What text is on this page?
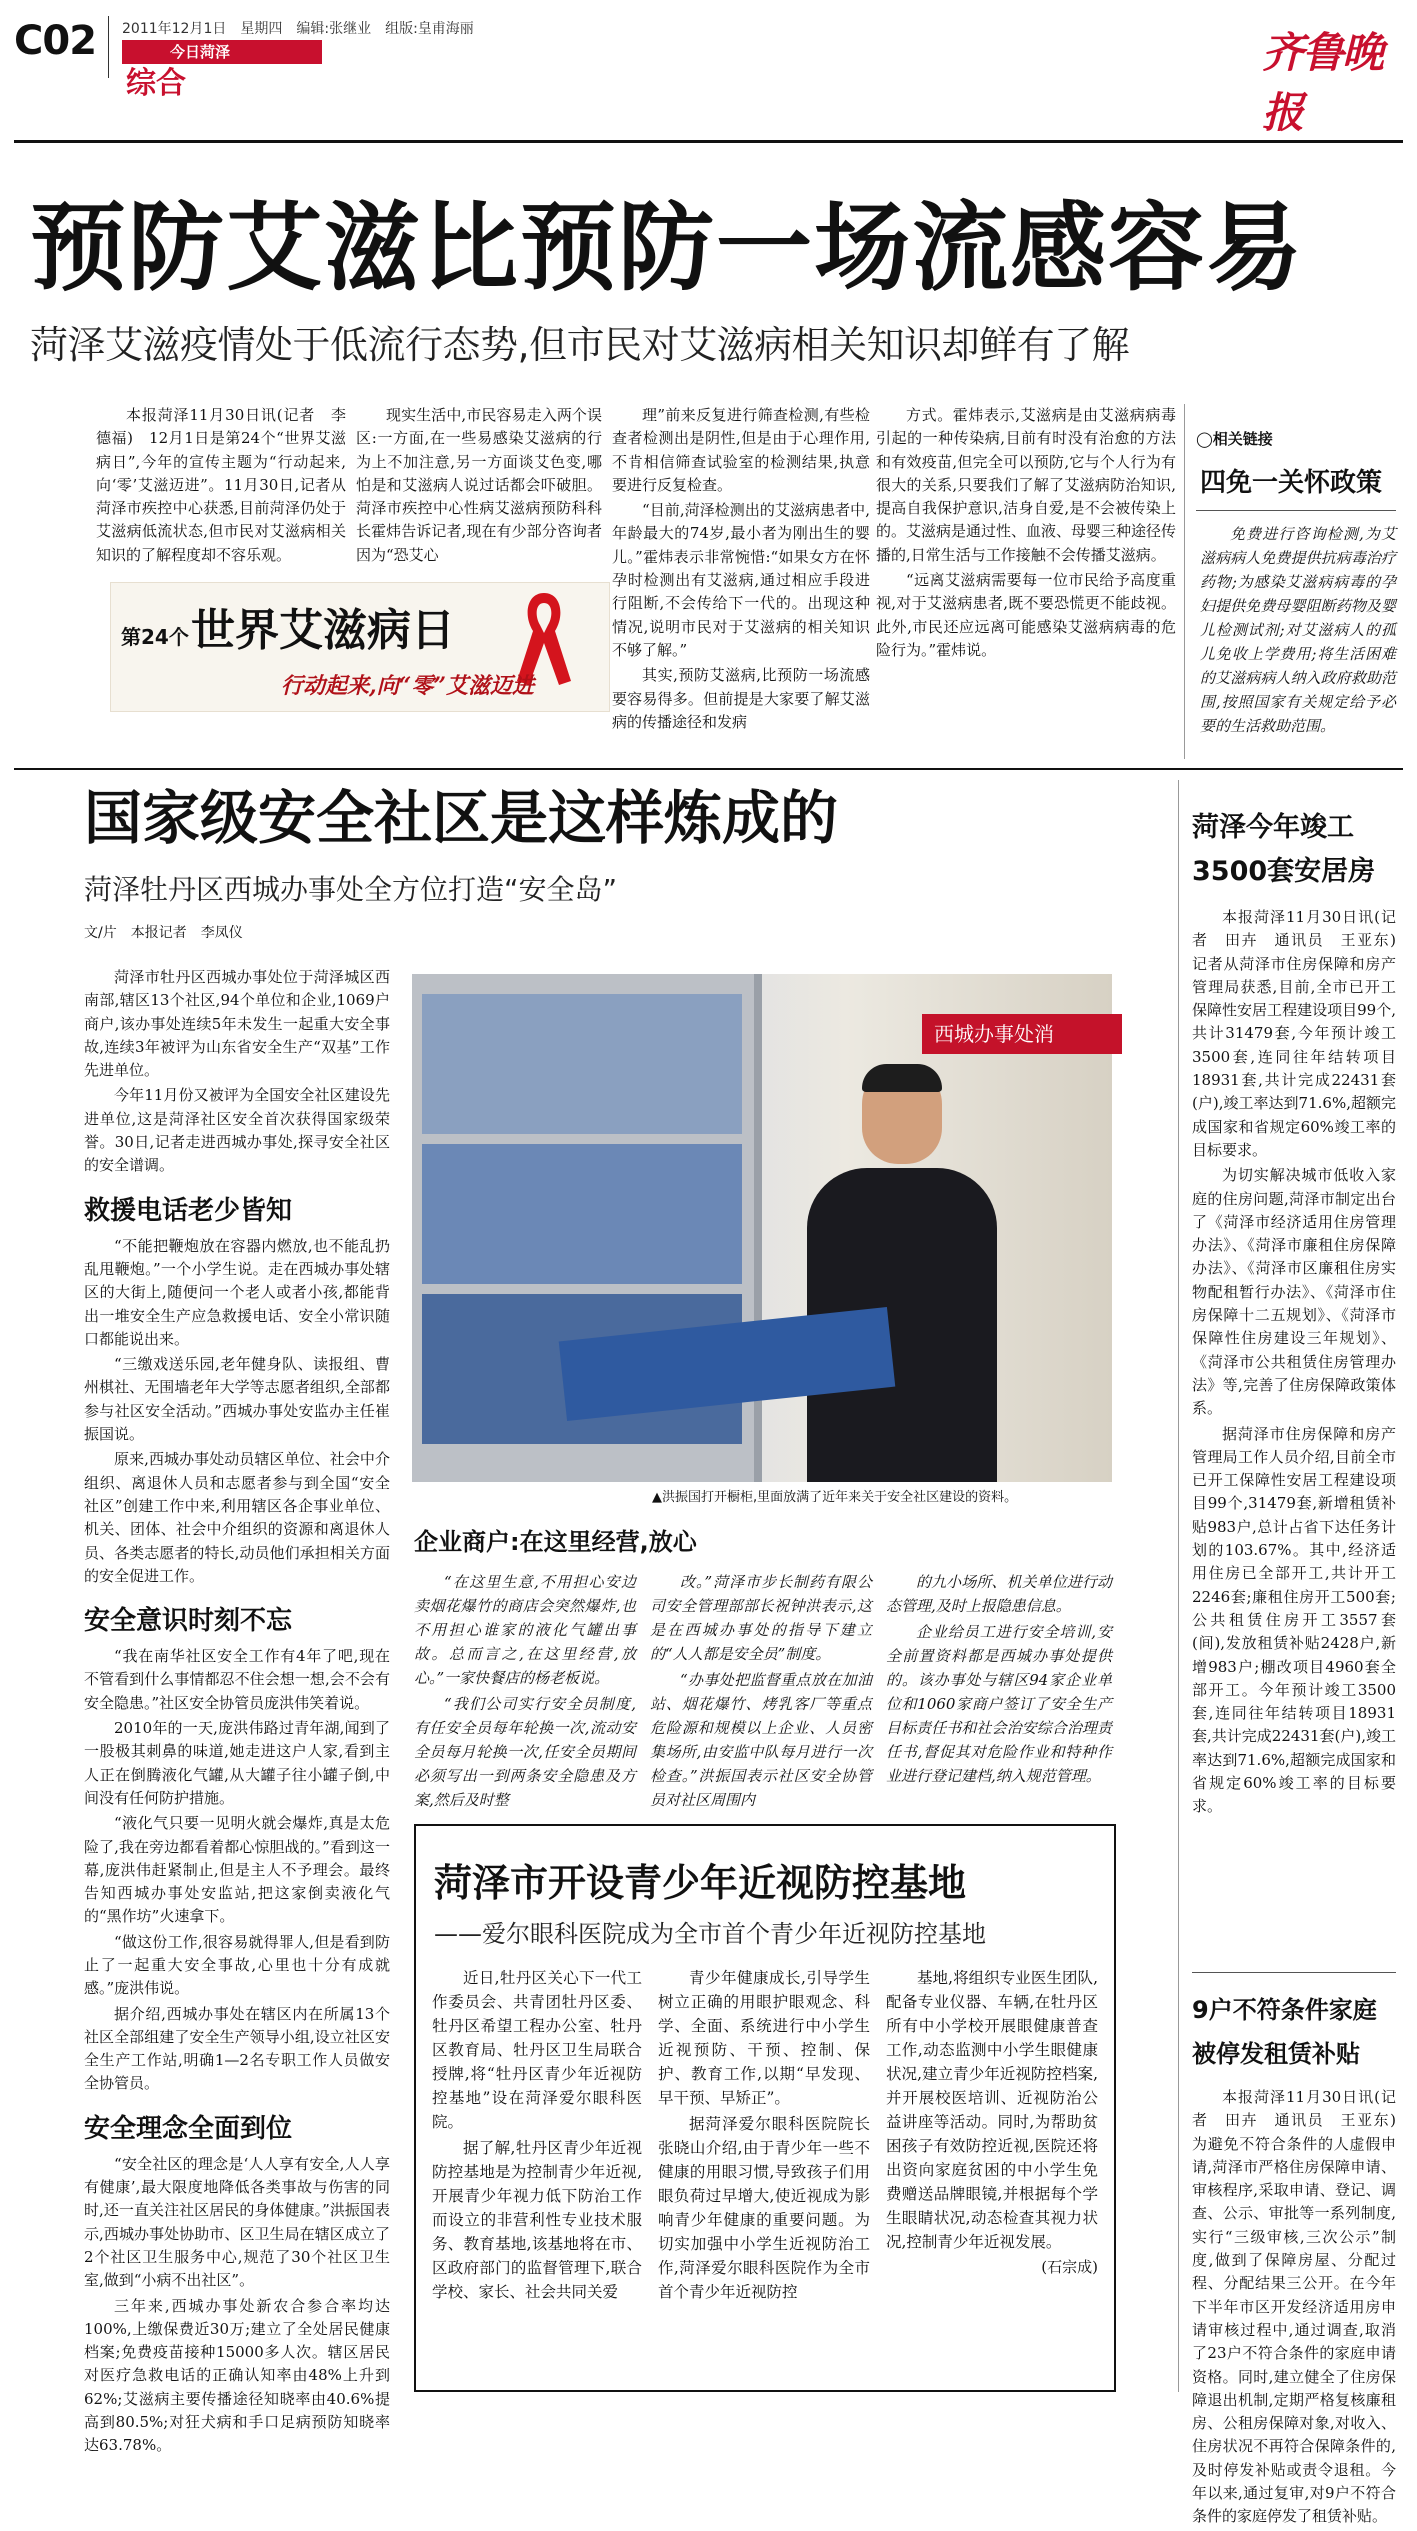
C02 2011年12月1日　星期四　编辑:张继业　组版:皇甫海丽
今日菏泽
综合
齐鲁晚报
预防艾滋比预防一场流感容易
菏泽艾滋疫情处于低流行态势,但市民对艾滋病相关知识却鲜有了解

本报菏泽11月30日讯(记者　李德福)　12月1日是第24个“世界艾滋病日”,今年的宣传主题为“行动起来,向‘零’艾滋迈进”。11月30日,记者从菏泽市疾控中心获悉,目前菏泽仍处于艾滋病低流状态,但市民对艾滋病相关知识的了解程度却不容乐观。

现实生活中,市民容易走入两个误区:一方面,在一些易感染艾滋病的行为上不加注意,另一方面谈艾色变,哪怕是和艾滋病人说过话都会吓破胆。菏泽市疾控中心性病艾滋病预防科科长霍炜告诉记者,现在有少部分咨询者因为“恐艾心

理”前来反复进行筛查检测,有些检查者检测出是阴性,但是由于心理作用,不肯相信筛查试验室的检测结果,执意要进行反复检查。

“目前,菏泽检测出的艾滋病患者中,年龄最大的74岁,最小者为刚出生的婴儿。”霍炜表示非常惋惜:“如果女方在怀孕时检测出有艾滋病,通过相应手段进行阻断,不会传给下一代的。出现这种情况,说明市民对于艾滋病的相关知识不够了解。”

其实,预防艾滋病,比预防一场流感要容易得多。但前提是大家要了解艾滋病的传播途径和发病

方式。霍炜表示,艾滋病是由艾滋病病毒引起的一种传染病,目前有时没有治愈的方法和有效疫苗,但完全可以预防,它与个人行为有很大的关系,只要我们了解了艾滋病防治知识,提高自我保护意识,洁身自爱,是不会被传染上的。艾滋病是通过性、血液、母婴三种途径传播的,日常生活与工作接触不会传播艾滋病。

“远离艾滋病需要每一位市民给予高度重视,对于艾滋病患者,既不要恐慌更不能歧视。此外,市民还应远离可能感染艾滋病病毒的危险行为。”霍炜说。

第24个 世界艾滋病日
行动起来,向“零”艾滋迈进
◯相关链接
四免一关怀政策

免费进行咨询检测,为艾滋病病人免费提供抗病毒治疗药物;为感染艾滋病病毒的孕妇提供免费母婴阻断药物及婴儿检测试剂;对艾滋病人的孤儿免收上学费用;将生活困难的艾滋病病人纳入政府救助范围,按照国家有关规定给予必要的生活救助范围。

国家级安全社区是这样炼成的
菏泽牡丹区西城办事处全方位打造“安全岛”
文/片　本报记者　李凤仪

菏泽市牡丹区西城办事处位于菏泽城区西南部,辖区13个社区,94个单位和企业,1069户商户,该办事处连续5年未发生一起重大安全事故,连续3年被评为山东省安全生产“双基”工作先进单位。

今年11月份又被评为全国安全社区建设先进单位,这是菏泽社区安全首次获得国家级荣誉。30日,记者走进西城办事处,探寻安全社区的安全谱调。

救援电话老少皆知

“不能把鞭炮放在容器内燃放,也不能乱扔乱甩鞭炮。”一个小学生说。走在西城办事处辖区的大街上,随便问一个老人或者小孩,都能背出一堆安全生产应急救援电话、安全小常识随口都能说出来。

“三缴戏送乐园,老年健身队、读报组、曹州棋社、无围墙老年大学等志愿者组织,全部都参与社区安全活动。”西城办事处安监办主任崔振国说。

原来,西城办事处动员辖区单位、社会中介组织、离退休人员和志愿者参与到全国“安全社区”创建工作中来,利用辖区各企事业单位、机关、团体、社会中介组织的资源和离退休人员、各类志愿者的特长,动员他们承担相关方面的安全促进工作。

安全意识时刻不忘

“我在南华社区安全工作有4年了吧,现在不管看到什么事情都忍不住会想一想,会不会有安全隐患。”社区安全协管员庞洪伟笑着说。

2010年的一天,庞洪伟路过青年湖,闻到了一股极其刺鼻的味道,她走进这户人家,看到主人正在倒腾液化气罐,从大罐子往小罐子倒,中间没有任何防护措施。

“液化气只要一见明火就会爆炸,真是太危险了,我在旁边都看着都心惊胆战的。”看到这一幕,庞洪伟赶紧制止,但是主人不予理会。最终告知西城办事处安监站,把这家倒卖液化气的“黑作坊”火速拿下。

“做这份工作,很容易就得罪人,但是看到防止了一起重大安全事故,心里也十分有成就感。”庞洪伟说。

据介绍,西城办事处在辖区内在所属13个社区全部组建了安全生产领导小组,设立社区安全生产工作站,明确1—2名专职工作人员做安全协管员。

安全理念全面到位

“安全社区的理念是‘人人享有安全,人人享有健康’,最大限度地降低各类事故与伤害的同时,还一直关注社区居民的身体健康。”洪振国表示,西城办事处协助市、区卫生局在辖区成立了2个社区卫生服务中心,规范了30个社区卫生室,做到“小病不出社区”。

三年来,西城办事处新农合参合率均达100%,上缴保费近30万;建立了全处居民健康档案;免费疫苗接种15000多人次。辖区居民对医疗急救电话的正确认知率由48%上升到62%;艾滋病主要传播途径知晓率由40.6%提高到80.5%;对狂犬病和手口足病预防知晓率达63.78%。

西城办事处消
▲洪振国打开橱柜,里面放满了近年来关于安全社区建设的资料。
企业商户:在这里经营,放心

“在这里生意,不用担心安边卖烟花爆竹的商店会突然爆炸,也不用担心谁家的液化气罐出事故。总而言之,在这里经营,放心。”一家快餐店的杨老板说。

“我们公司实行安全员制度,有任安全员每年轮换一次,流动安全员每月轮换一次,任安全员期间必须写出一到两条安全隐患及方案,然后及时整

改。”菏泽市步长制药有限公司安全管理部部长祝钟洪表示,这是在西城办事处的指导下建立的“人人都是安全员”制度。

“办事处把监督重点放在加油站、烟花爆竹、烤乳客厂等重点危险源和规模以上企业、人员密集场所,由安监中队每月进行一次检查。”洪振国表示社区安全协管员对社区周围内

的九小场所、机关单位进行动态管理,及时上报隐患信息。

企业给员工进行安全培训,安全前置资料都是西城办事处提供的。该办事处与辖区94家企业单位和1060家商户签订了安全生产目标责任书和社会治安综合治理责任书,督促其对危险作业和特种作业进行登记建档,纳入规范管理。

菏泽市开设青少年近视防控基地
——爱尔眼科医院成为全市首个青少年近视防控基地

近日,牡丹区关心下一代工作委员会、共青团牡丹区委、牡丹区希望工程办公室、牡丹区教育局、牡丹区卫生局联合授牌,将“牡丹区青少年近视防控基地”设在菏泽爱尔眼科医院。

据了解,牡丹区青少年近视防控基地是为控制青少年近视,开展青少年视力低下防治工作而设立的非营利性专业技术服务、教育基地,该基地将在市、区政府部门的监督管理下,联合学校、家长、社会共同关爱

青少年健康成长,引导学生树立正确的用眼护眼观念、科学、全面、系统进行中小学生近视预防、干预、控制、保护、教育工作,以期“早发现、早干预、早矫正”。

据菏泽爱尔眼科医院院长张晓山介绍,由于青少年一些不健康的用眼习惯,导致孩子们用眼负荷过早增大,使近视成为影响青少年健康的重要问题。为切实加强中小学生近视防治工作,菏泽爱尔眼科医院作为全市首个青少年近视防控

基地,将组织专业医生团队,配备专业仪器、车辆,在牡丹区所有中小学校开展眼健康普查工作,动态监测中小学生眼健康状况,建立青少年近视防控档案,并开展校医培训、近视防治公益讲座等活动。同时,为帮助贫困孩子有效防控近视,医院还将出资向家庭贫困的中小学生免费赠送品牌眼镜,并根据每个学生眼睛状况,动态检查其视力状况,控制青少年近视发展。

(石宗成)
菏泽今年竣工
3500套安居房

本报菏泽11月30日讯(记者　田卉　通讯员　王亚东)　记者从菏泽市住房保障和房产管理局获悉,目前,全市已开工保障性安居工程建设项目99个,共计31479套,今年预计竣工3500套,连同往年结转项目18931套,共计完成22431套(户),竣工率达到71.6%,超额完成国家和省规定60%竣工率的目标要求。

为切实解决城市低收入家庭的住房问题,菏泽市制定出台了《菏泽市经济适用住房管理办法》、《菏泽市廉租住房保障办法》、《菏泽市区廉租住房实物配租暂行办法》、《菏泽市住房保障十二五规划》、《菏泽市保障性住房建设三年规划》、《菏泽市公共租赁住房管理办法》等,完善了住房保障政策体系。

据菏泽市住房保障和房产管理局工作人员介绍,目前全市已开工保障性安居工程建设项目99个,31479套,新增租赁补贴983户,总计占省下达任务计划的103.67%。其中,经济适用住房已全部开工,共计开工2246套;廉租住房开工500套;公共租赁住房开工3557套(间),发放租赁补贴2428户,新增983户;棚改项目4960套全部开工。今年预计竣工3500套,连同往年结转项目18931套,共计完成22431套(户),竣工率达到71.6%,超额完成国家和省规定60%竣工率的目标要求。

9户不符条件家庭
被停发租赁补贴

本报菏泽11月30日讯(记者　田卉　通讯员　王亚东)　为避免不符合条件的人虚假申请,菏泽市严格住房保障申请、审核程序,采取申请、登记、调查、公示、审批等一系列制度,实行“三级审核,三次公示”制度,做到了保障房屋、分配过程、分配结果三公开。在今年下半年市区开发经济适用房申请审核过程中,通过调查,取消了23户不符合条件的家庭申请资格。同时,建立健全了住房保障退出机制,定期严格复核廉租房、公租房保障对象,对收入、住房状况不再符合保障条件的,及时停发补贴或责令退租。今年以来,通过复审,对9户不符合条件的家庭停发了租赁补贴。
